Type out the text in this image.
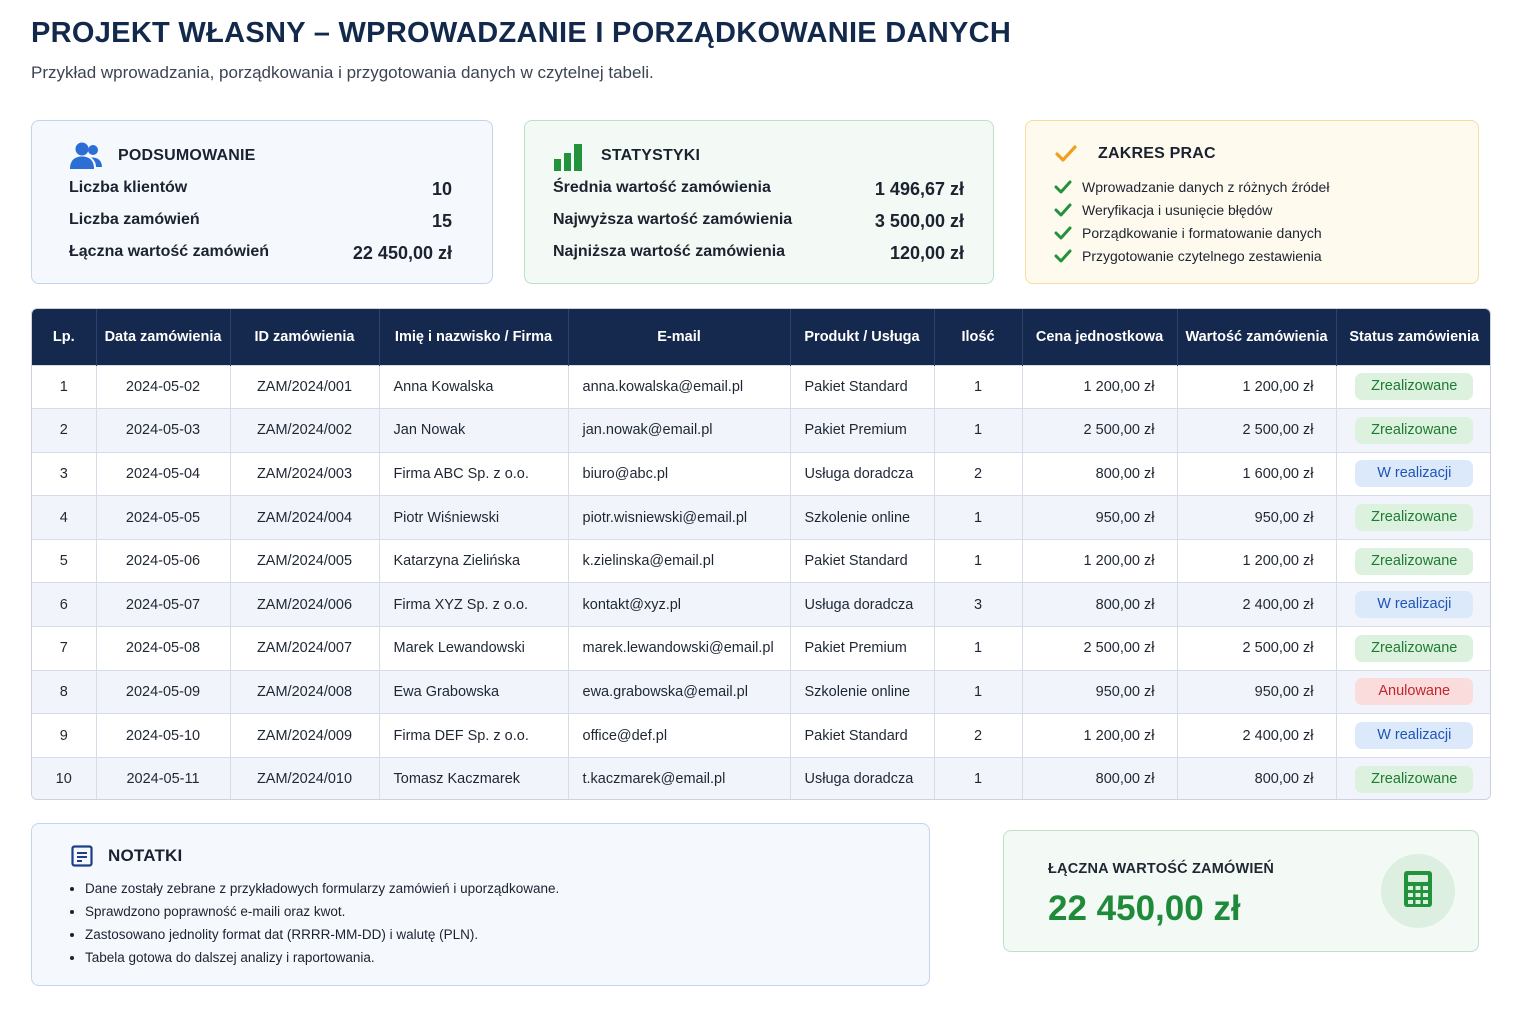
PROJEKT WŁASNY – WPROWADZANIE I PORZĄDKOWANIE DANYCH
Przykład wprowadzania, porządkowania i przygotowania danych w czytelnej tabeli.
PODSUMOWANIE
Liczba klientów	10
Liczba zamówień	15
Łączna wartość zamówień	22 450,00 zł
STATYSTYKI
Średnia wartość zamówienia	1 496,67 zł
Najwyższa wartość zamówienia	3 500,00 zł
Najniższa wartość zamówienia	120,00 zł
ZAKRES PRAC
Wprowadzanie danych z różnych źródeł
Weryfikacja i usunięcie błędów
Porządkowanie i formatowanie danych
Przygotowanie czytelnego zestawienia
Lp.	Data zamówienia	ID zamówienia	Imię i nazwisko / Firma	E-mail	Produkt / Usługa	Ilość	Cena jednostkowa	Wartość zamówienia	Status zamówienia
1	2024-05-02	ZAM/2024/001	Anna Kowalska	anna.kowalska@email.pl	Pakiet Standard	1	1 200,00 zł	1 200,00 zł	Zrealizowane
2	2024-05-03	ZAM/2024/002	Jan Nowak	jan.nowak@email.pl	Pakiet Premium	1	2 500,00 zł	2 500,00 zł	Zrealizowane
3	2024-05-04	ZAM/2024/003	Firma ABC Sp. z o.o.	biuro@abc.pl	Usługa doradcza	2	800,00 zł	1 600,00 zł	W realizacji
4	2024-05-05	ZAM/2024/004	Piotr Wiśniewski	piotr.wisniewski@email.pl	Szkolenie online	1	950,00 zł	950,00 zł	Zrealizowane
5	2024-05-06	ZAM/2024/005	Katarzyna Zielińska	k.zielinska@email.pl	Pakiet Standard	1	1 200,00 zł	1 200,00 zł	Zrealizowane
6	2024-05-07	ZAM/2024/006	Firma XYZ Sp. z o.o.	kontakt@xyz.pl	Usługa doradcza	3	800,00 zł	2 400,00 zł	W realizacji
7	2024-05-08	ZAM/2024/007	Marek Lewandowski	marek.lewandowski@email.pl	Pakiet Premium	1	2 500,00 zł	2 500,00 zł	Zrealizowane
8	2024-05-09	ZAM/2024/008	Ewa Grabowska	ewa.grabowska@email.pl	Szkolenie online	1	950,00 zł	950,00 zł	Anulowane
9	2024-05-10	ZAM/2024/009	Firma DEF Sp. z o.o.	office@def.pl	Pakiet Standard	2	1 200,00 zł	2 400,00 zł	W realizacji
10	2024-05-11	ZAM/2024/010	Tomasz Kaczmarek	t.kaczmarek@email.pl	Usługa doradcza	1	800,00 zł	800,00 zł	Zrealizowane
NOTATKI
• Dane zostały zebrane z przykładowych formularzy zamówień i uporządkowane.
• Sprawdzono poprawność e-maili oraz kwot.
• Zastosowano jednolity format dat (RRRR-MM-DD) i walutę (PLN).
• Tabela gotowa do dalszej analizy i raportowania.
ŁĄCZNA WARTOŚĆ ZAMÓWIEŃ
22 450,00 zł
